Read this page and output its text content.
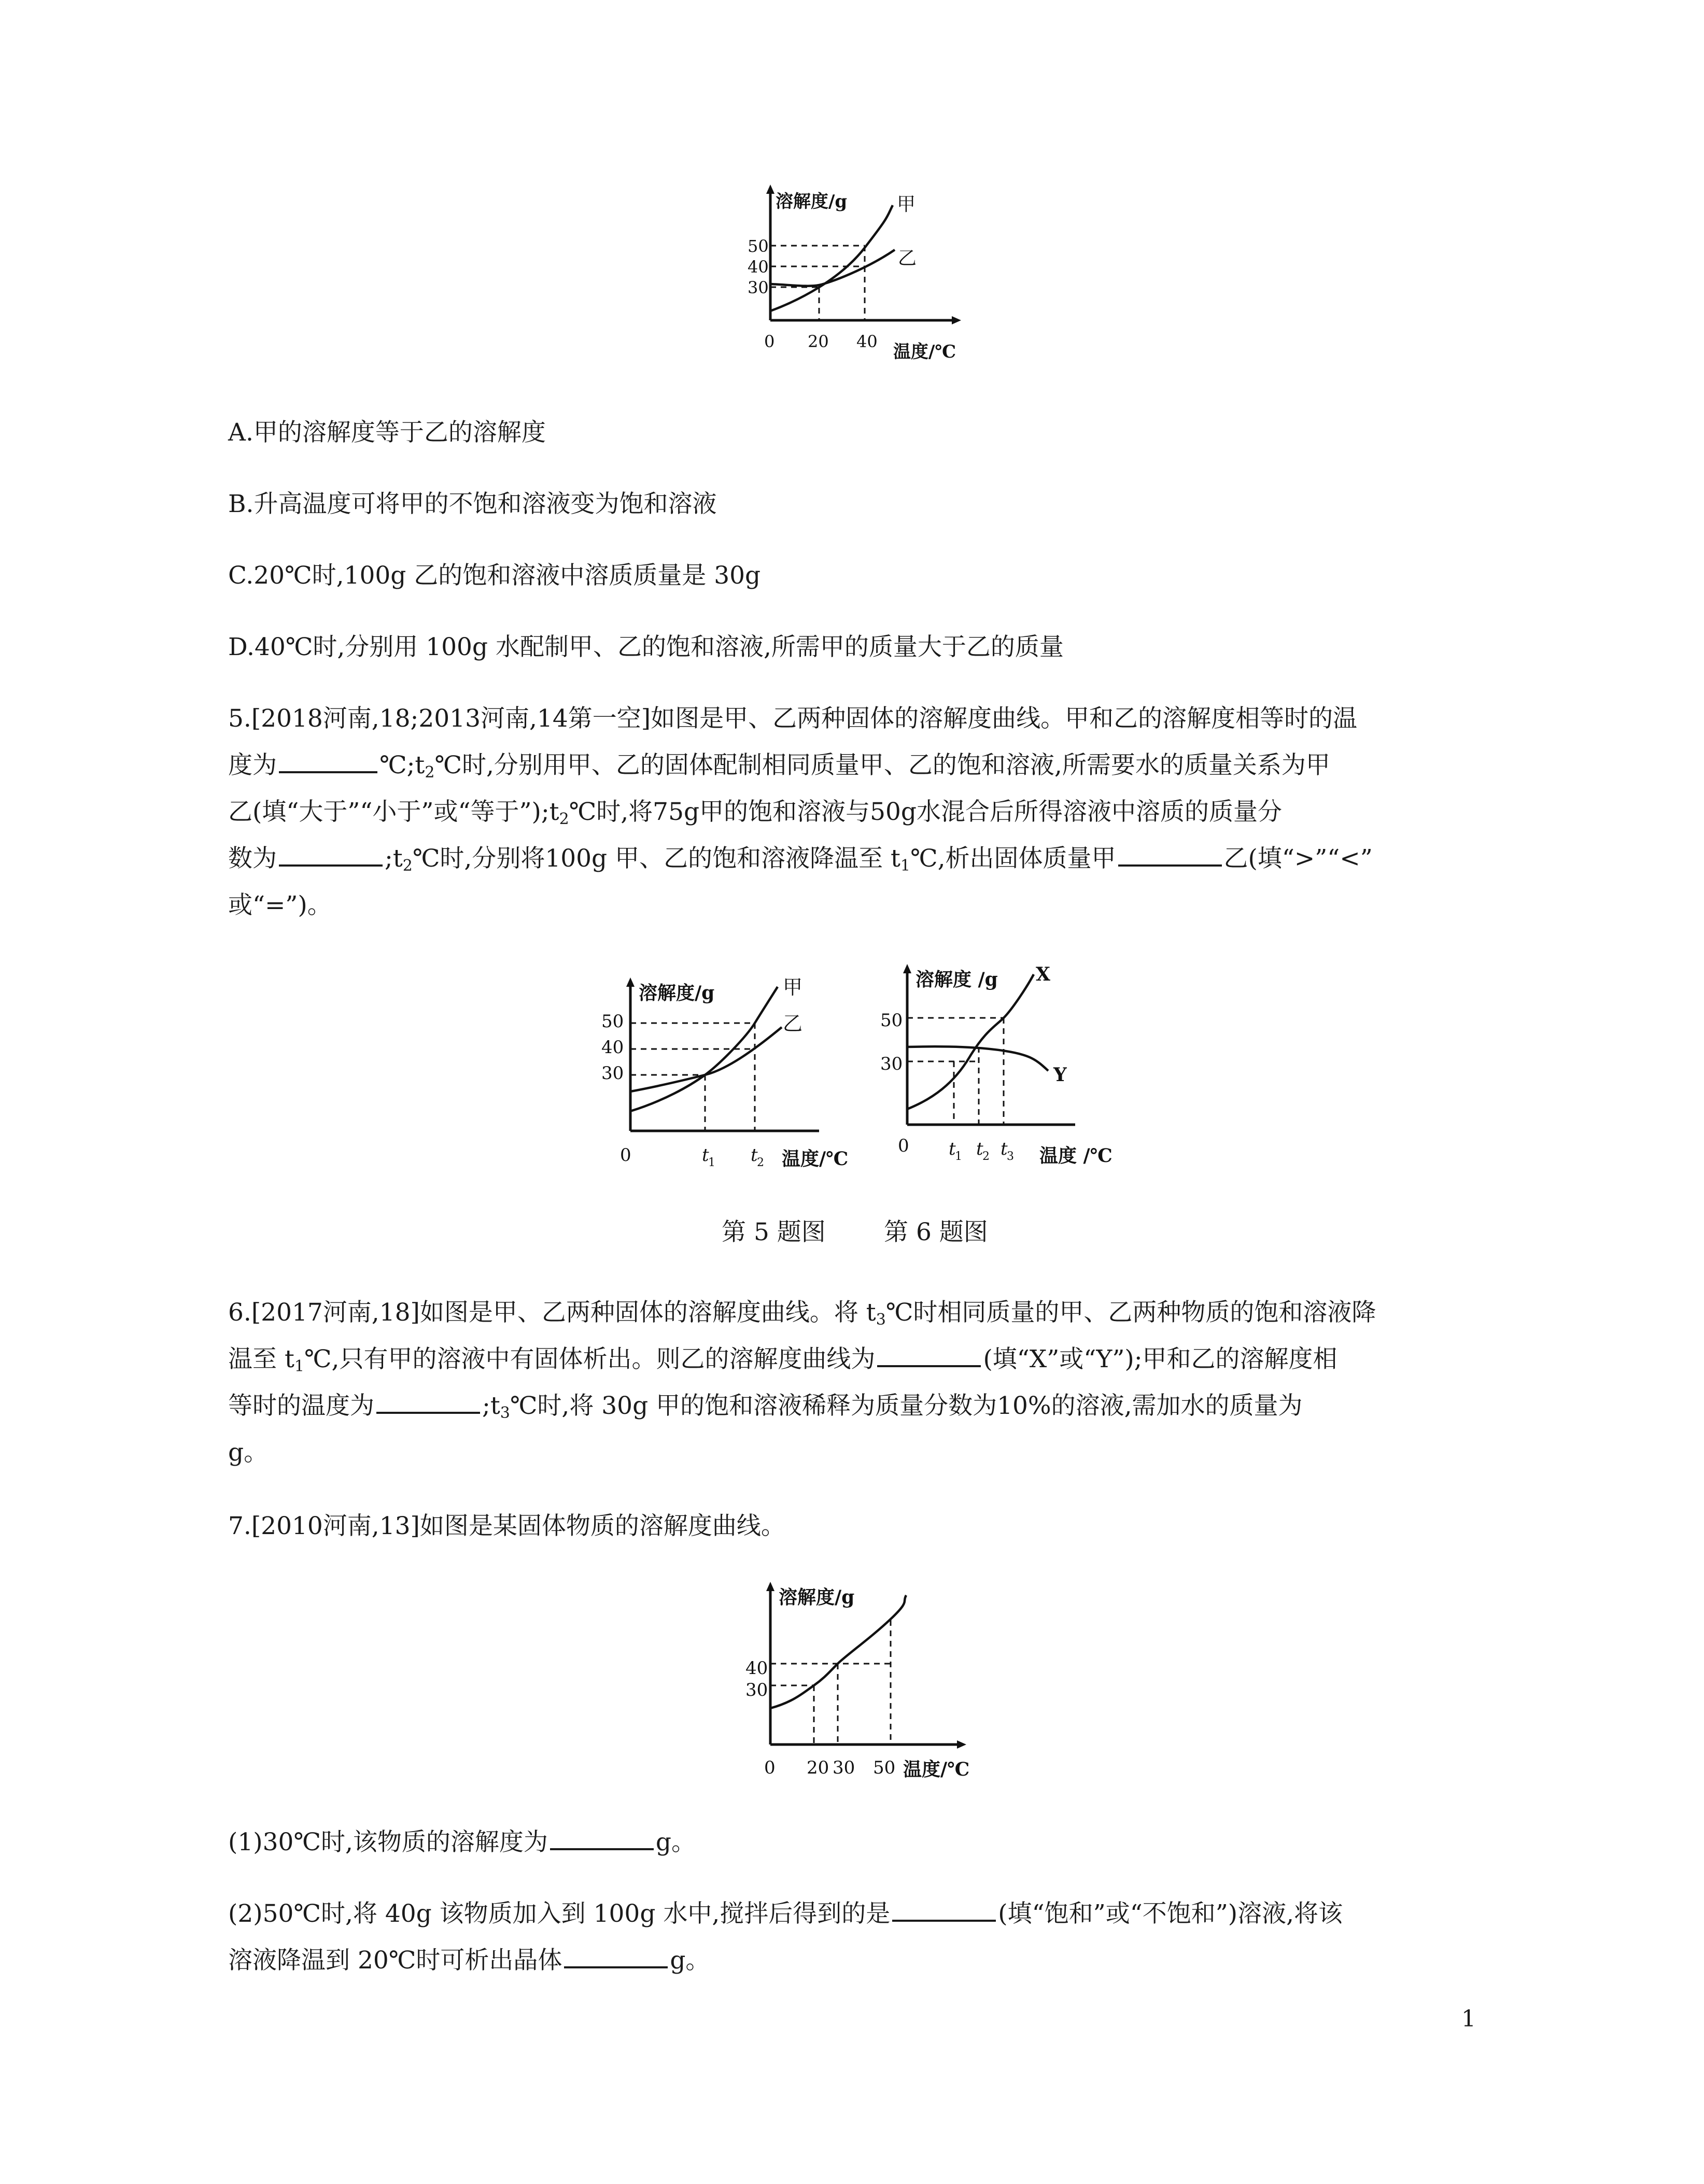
溶解度/g
温度/℃
50
40
30
0 20 40
甲
乙
A.甲的溶解度等于乙的溶解度
B.升高温度可将甲的不饱和溶液变为饱和溶液
C.20℃时,100g 乙的饱和溶液中溶质质量是 30g
D.40℃时,分别用 100g 水配制甲、乙的饱和溶液,所需甲的质量大于乙的质量
5.[2018河南,18;2013河南,14第一空]如图是甲、乙两种固体的溶解度曲线。甲和乙的溶解度相等时的温
度为	$℃;t_2℃$时,分别用甲、乙的固体配制相同质量甲、乙的饱和溶液,所需要水的质量关系为甲
乙(填“大于”“小于”或“等于$”);t_2℃$时,将75g甲的饱和溶液与50g水混合后所得溶液中溶质的质量分
数为	$;t_2℃$时,分别将100g 甲、乙的饱和溶液降温至 $t_1℃$,析出固体质量甲	乙(填“>”“<”
或“=”)。
溶解度/g
温度/℃
50
40
30
0	t
1 t
2
甲
乙
溶解度 /g
温度 /℃
50
30
0 t
1 t
2 t
3
X
Y
第 5 题图 第 6 题图
6.[2017河南,18]如图是甲、乙两种固体的溶解度曲线。将 $t_3℃$时相同质量的甲、乙两种物质的饱和溶液降
温至 $t_1℃$,只有甲的溶液中有固体析出。则乙的溶解度曲线为	(填“X”或“Y”);甲和乙的溶解度相
等时的温度为	$;t_3℃$时,将 30g 甲的饱和溶液稀释为质量分数为10%的溶液,需加水的质量为
g。
7.[2010河南,13]如图是某固体物质的溶解度曲线。
溶解度/g
温度/℃
40
30
0 20 30 50
(1)30℃时,该物质的溶解度为	g。
(2)50℃时,将 40g 该物质加入到 100g 水中,搅拌后得到的是	(填“饱和”或“不饱和”)溶液,将该
溶液降温到 20℃时可析出晶体	g。
1
